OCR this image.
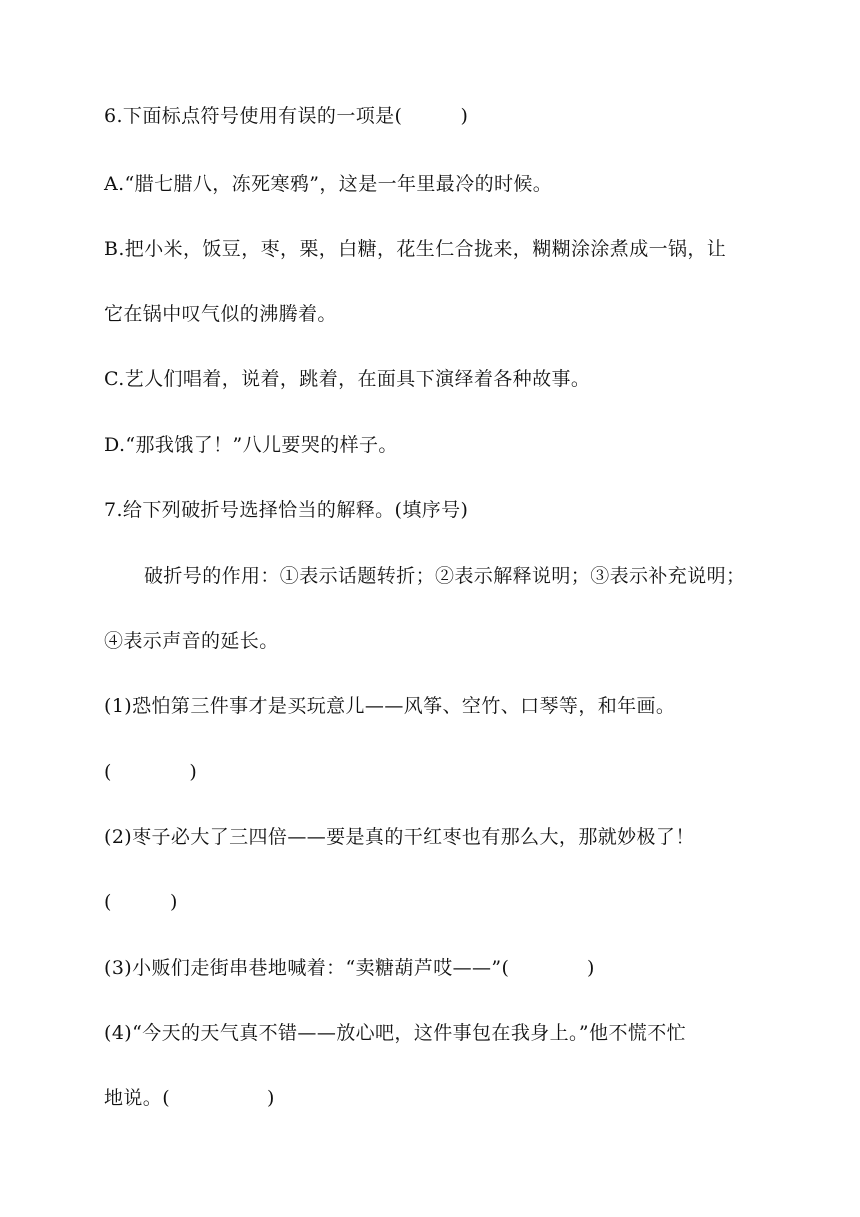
6.下面标点符号使用有误的一项是(　　　)
A.“腊七腊八，冻死寒鸦”，这是一年里最冷的时候。
B.把小米，饭豆，枣，栗，白糖，花生仁合拢来，糊糊涂涂煮成一锅，让
它在锅中叹气似的沸腾着。
C.艺人们唱着，说着，跳着，在面具下演绎着各种故事。
D.“那我饿了！”八儿要哭的样子。
7.给下列破折号选择恰当的解释。(填序号)
破折号的作用：①表示话题转折；②表示解释说明；③表示补充说明；
④表示声音的延长。
(1)恐怕第三件事才是买玩意儿——风筝、空竹、口琴等，和年画。
(　　　　)
(2)枣子必大了三四倍——要是真的干红枣也有那么大，那就妙极了！
(　　　)
(3)小贩们走街串巷地喊着：“卖糖葫芦哎——”(　　　　)
(4)“今天的天气真不错——放心吧，这件事包在我身上。”他不慌不忙
地说。(　　　　　)
